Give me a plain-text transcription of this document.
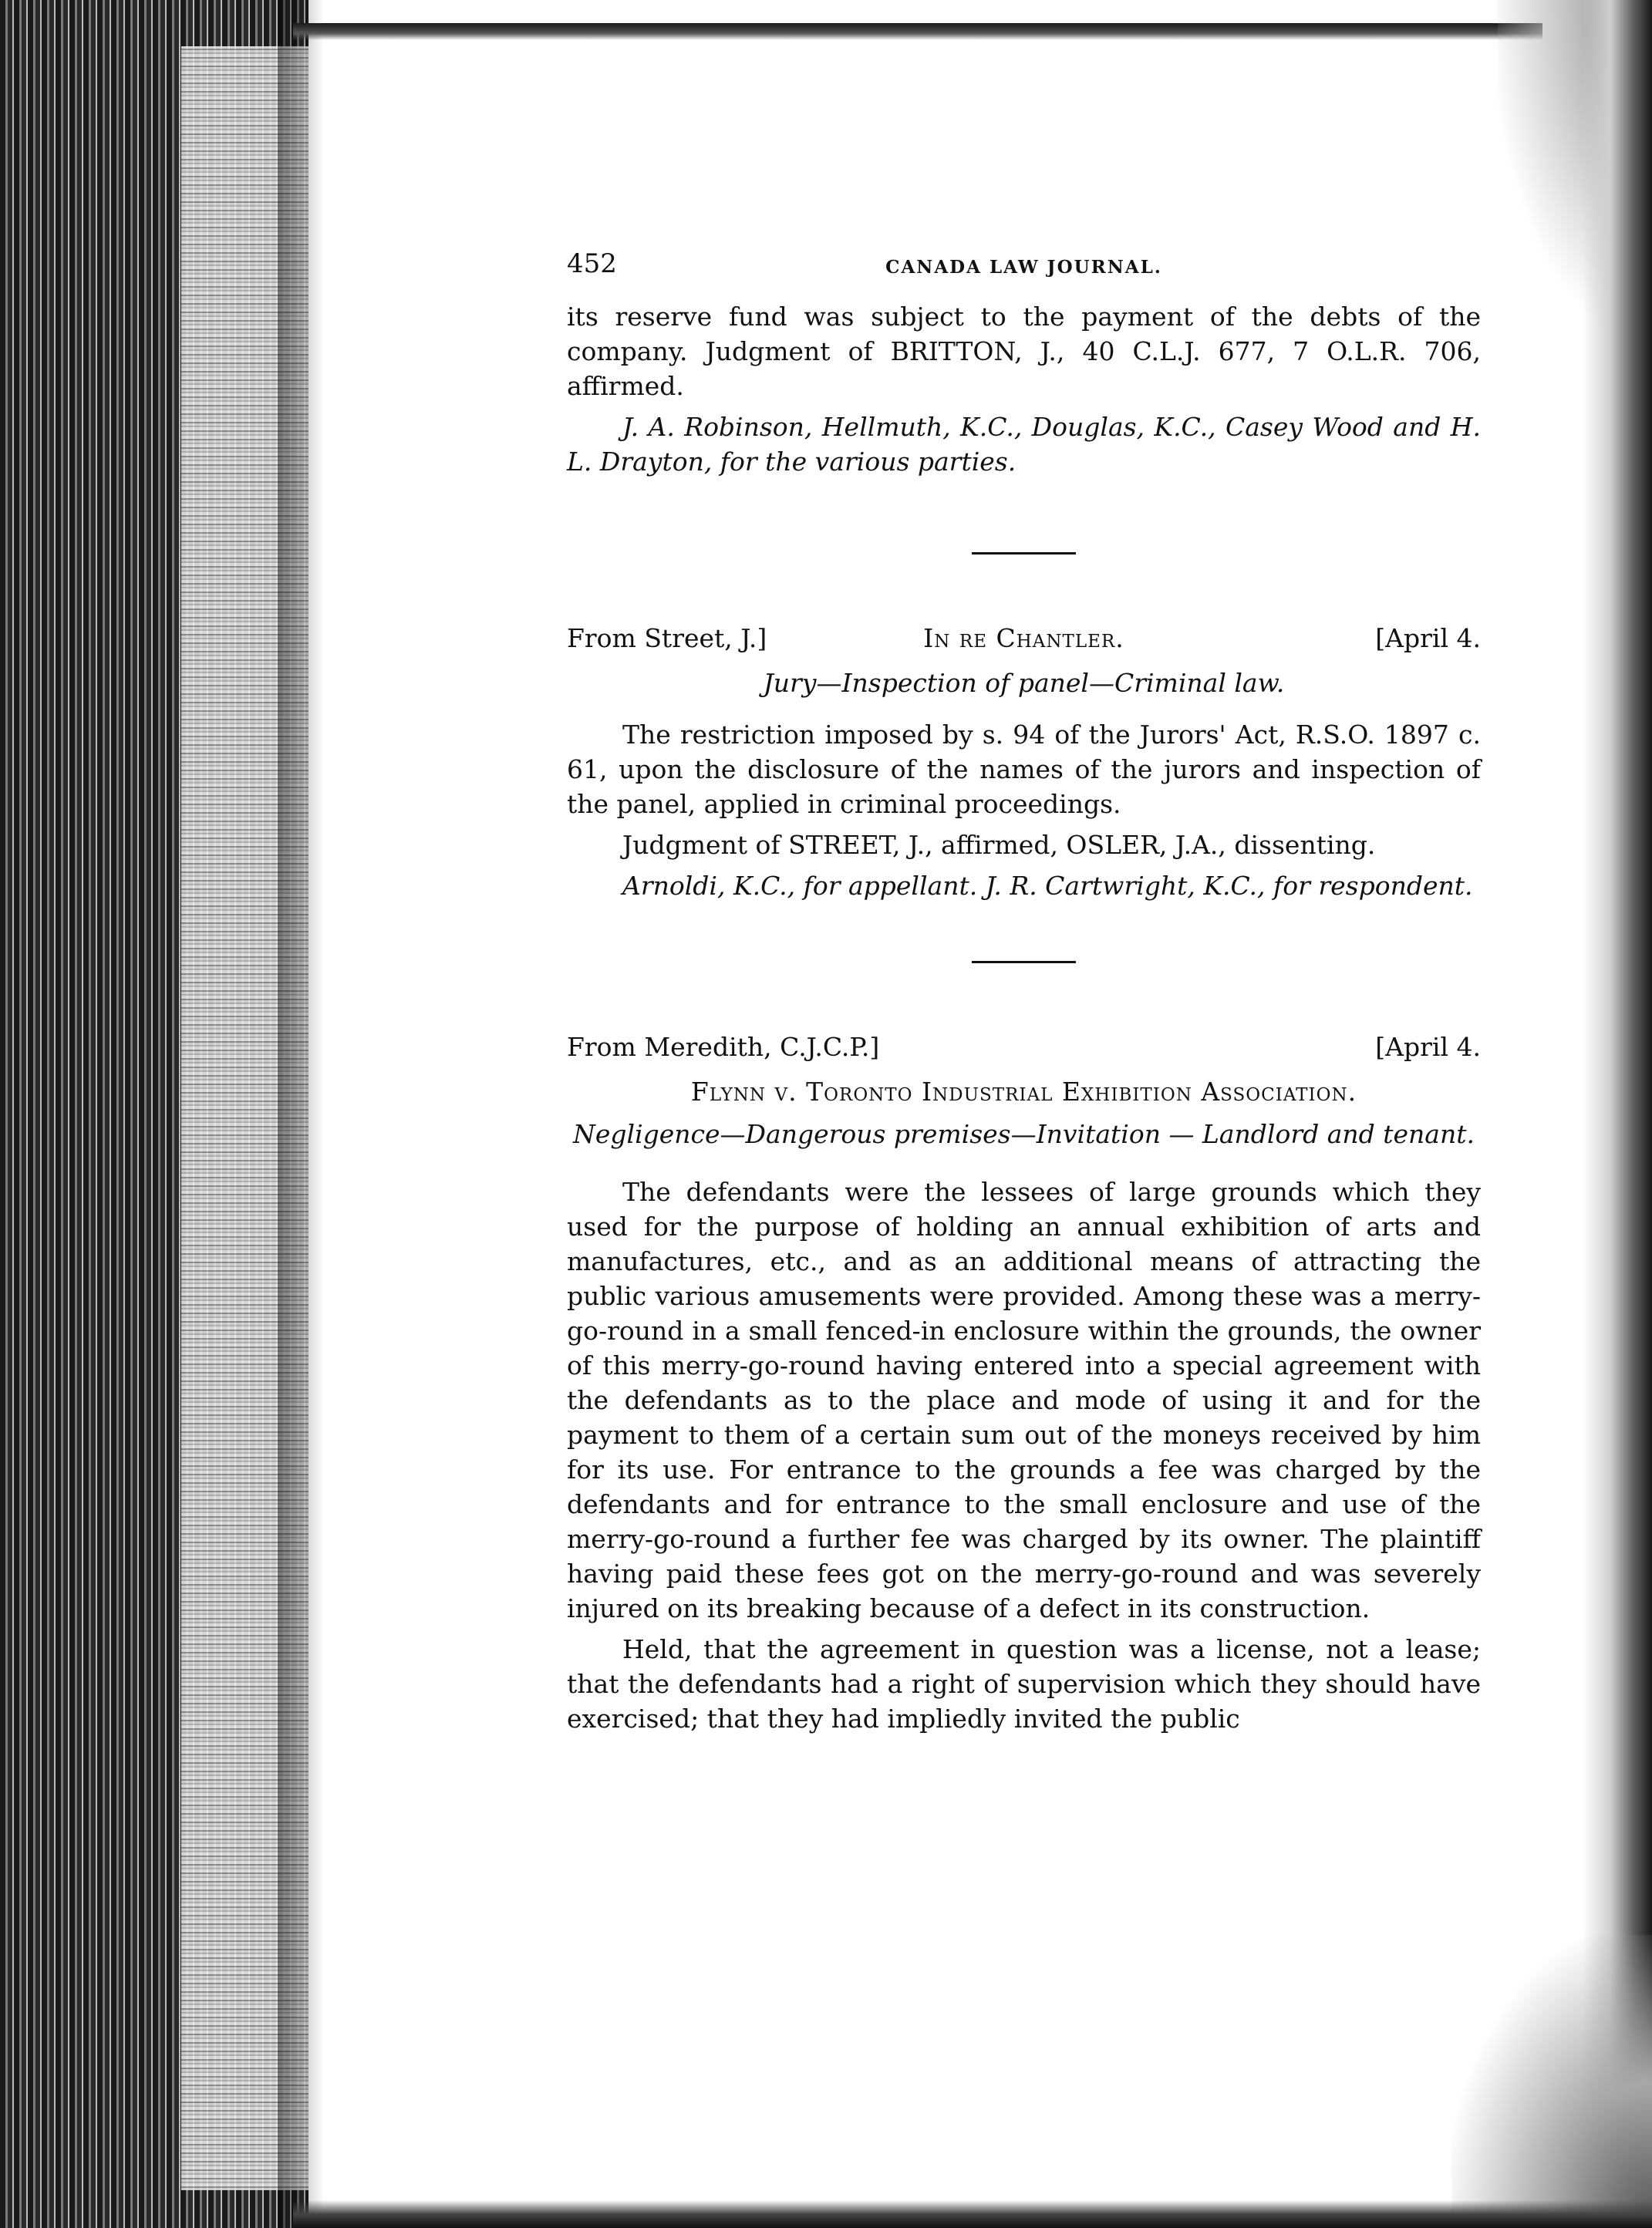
452	CANADA LAW JOURNAL.

its reserve fund was subject to the payment of the debts of the company. Judgment of BRITTON, J., 40 C.L.J. 677, 7 O.L.R. 706, affirmed.

J. A. Robinson, Hellmuth, K.C., Douglas, K.C., Casey Wood and H. L. Drayton, for the various parties.

From Street, J.]	In re Chantler.	[April 4.

Jury—Inspection of panel—Criminal law.

The restriction imposed by s. 94 of the Jurors' Act, R.S.O. 1897 c. 61, upon the disclosure of the names of the jurors and inspection of the panel, applied in criminal proceedings.

Judgment of STREET, J., affirmed, OSLER, J.A., dissenting.

Arnoldi, K.C., for appellant. J. R. Cartwright, K.C., for respondent.

From Meredith, C.J.C.P.]	[April 4.

Flynn v. Toronto Industrial Exhibition Association.

Negligence—Dangerous premises—Invitation — Landlord and tenant.

The defendants were the lessees of large grounds which they used for the purpose of holding an annual exhibition of arts and manufactures, etc., and as an additional means of attracting the public various amusements were provided. Among these was a merry-go-round in a small fenced-in enclosure within the grounds, the owner of this merry-go-round having entered into a special agreement with the defendants as to the place and mode of using it and for the payment to them of a certain sum out of the moneys received by him for its use. For entrance to the grounds a fee was charged by the defendants and for entrance to the small enclosure and use of the merry-go-round a further fee was charged by its owner. The plaintiff having paid these fees got on the merry-go-round and was severely injured on its breaking because of a defect in its construction.

Held, that the agreement in question was a license, not a lease; that the defendants had a right of supervision which they should have exercised; that they had impliedly invited the public
